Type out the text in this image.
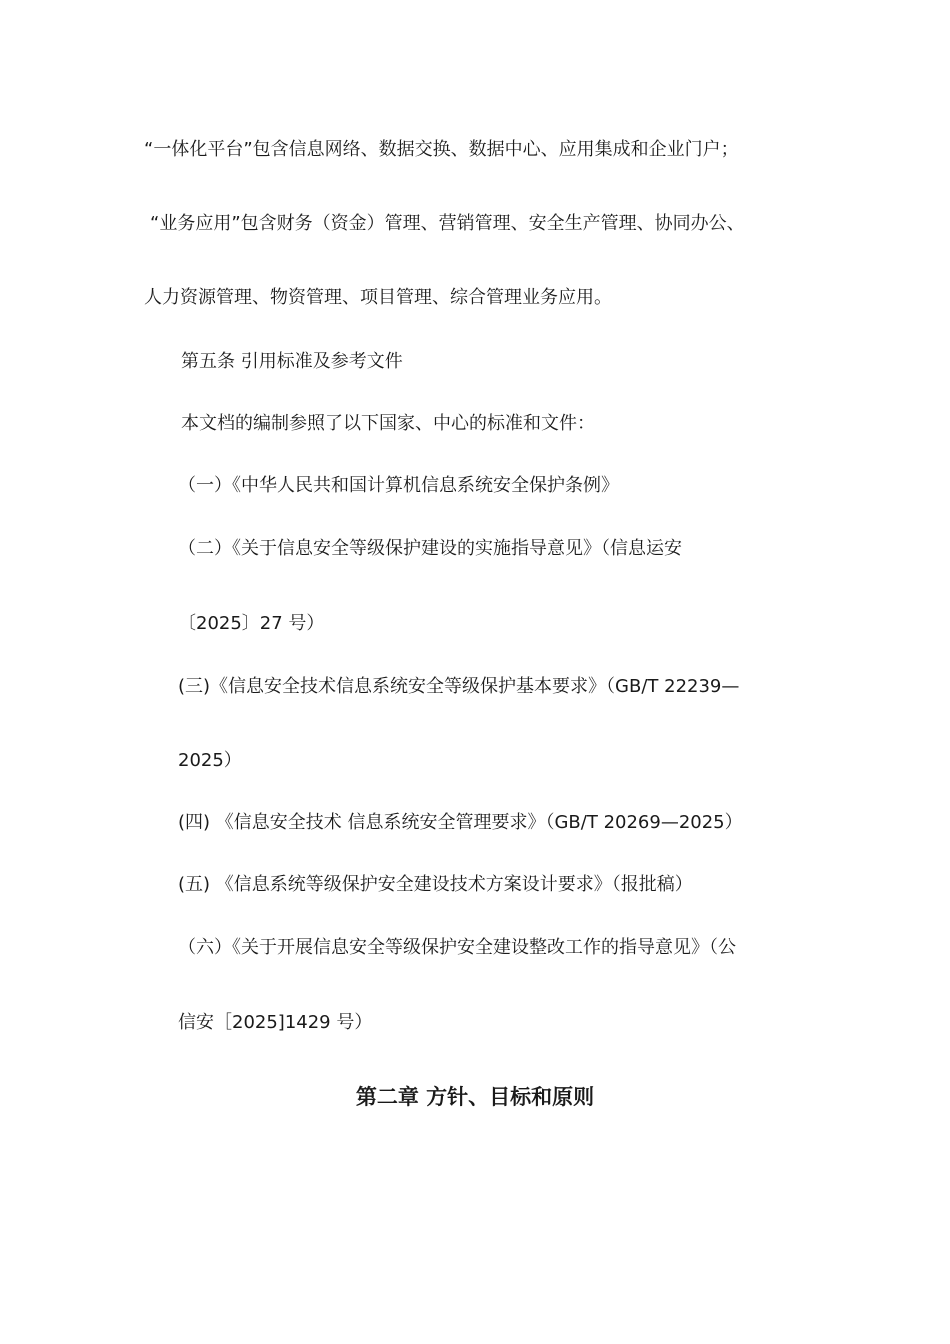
“一体化平台”包含信息网络、数据交换、数据中心、应用集成和企业门户；
“业务应用”包含财务（资金）管理、营销管理、安全生产管理、协同办公、
人力资源管理、物资管理、项目管理、综合管理业务应用。
第五条 引用标准及参考文件
本文档的编制参照了以下国家、中心的标准和文件：
（一）《中华人民共和国计算机信息系统安全保护条例》
（二）《关于信息安全等级保护建设的实施指导意见》（信息运安
〔2025〕27 号）
(三)《信息安全技术信息系统安全等级保护基本要求》（GB/T 22239—
2025）
(四) 《信息安全技术 信息系统安全管理要求》（GB/T 20269—2025）
(五) 《信息系统等级保护安全建设技术方案设计要求》（报批稿）
（六）《关于开展信息安全等级保护安全建设整改工作的指导意见》（公
信安［2025]1429 号）
第二章 方针、目标和原则
